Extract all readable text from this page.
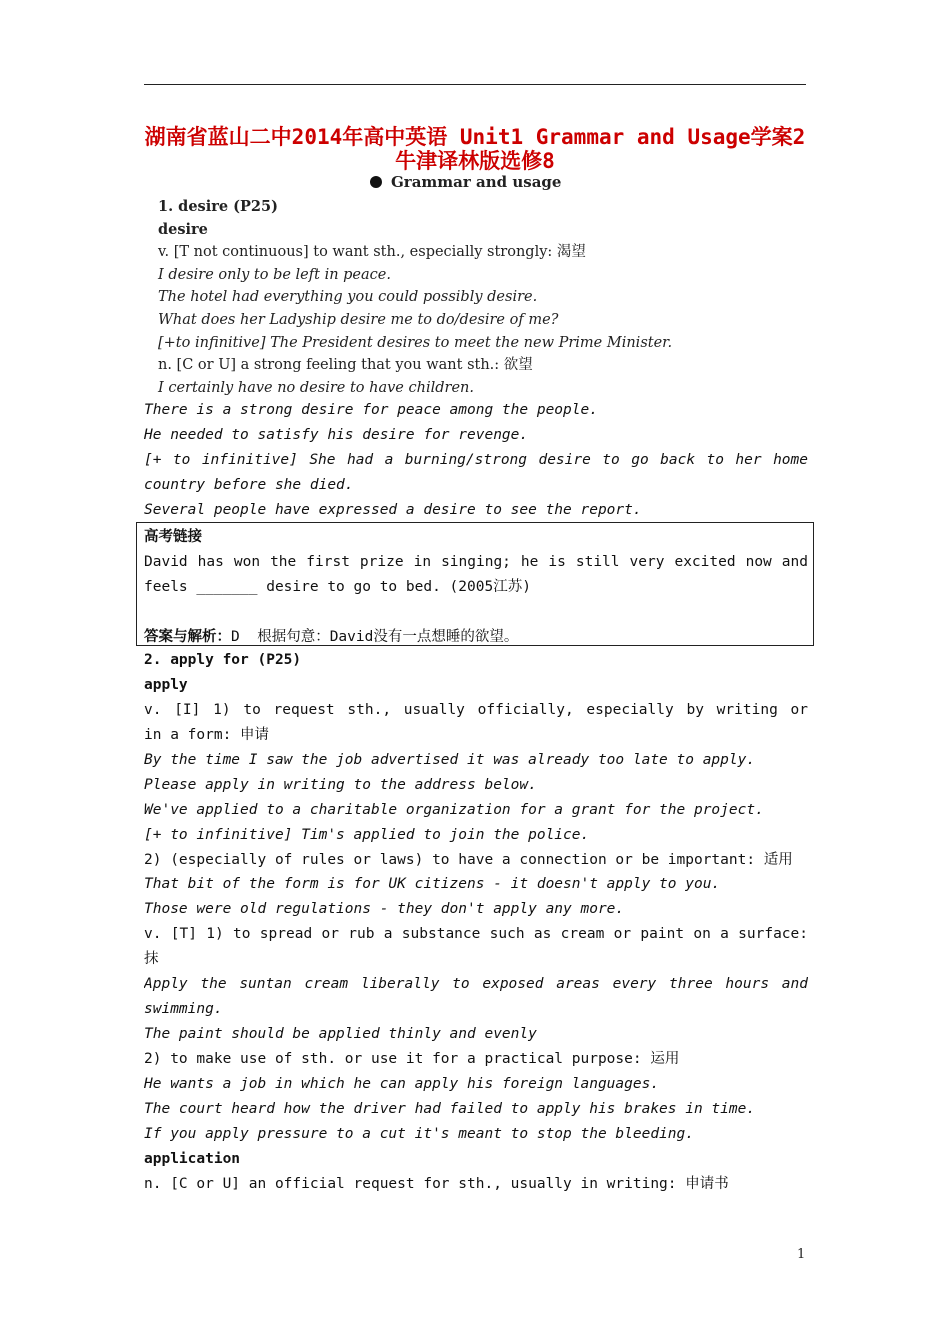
湖南省蓝山二中2014年高中英语 Unit1 Grammar and Usage学案2
牛津译林版选修8
Grammar and usage
1. desire (P25)
desire
v. [T not continuous] to want sth., especially strongly: 渴望
I desire only to be left in peace.
The hotel had everything you could possibly desire.
What does her Ladyship desire me to do/desire of me?
[+to infinitive] The President desires to meet the new Prime Minister.
n. [C or U] a strong feeling that you want sth.: 欲望
I certainly have no desire to have children.
There is a strong desire for peace among the people.
He needed to satisfy his desire for revenge.
[+ to infinitive] She had a burning/strong desire to go back to her home
country before she died.
Several people have expressed a desire to see the report.
高考链接
David has won the first prize in singing; he is still very excited now and
feels _______ desire to go to bed. (2005江苏)

答案与解析：D  根据句意：David没有一点想睡的欲望。
2. apply for (P25)
apply
v. [I] 1) to request sth., usually officially, especially by writing or
in a form: 申请
By the time I saw the job advertised it was already too late to apply.
Please apply in writing to the address below.
We've applied to a charitable organization for a grant for the project.
[+ to infinitive] Tim's applied to join the police.
2) (especially of rules or laws) to have a connection or be important: 适用
That bit of the form is for UK citizens - it doesn't apply to you.
Those were old regulations - they don't apply any more.
v. [T] 1) to spread or rub a substance such as cream or paint on a surface:
抹
Apply the suntan cream liberally to exposed areas every three hours and
swimming.
The paint should be applied thinly and evenly
2) to make use of sth. or use it for a practical purpose: 运用
He wants a job in which he can apply his foreign languages.
The court heard how the driver had failed to apply his brakes in time.
If you apply pressure to a cut it's meant to stop the bleeding.
application
n. [C or U] an official request for sth., usually in writing: 申请书
1
